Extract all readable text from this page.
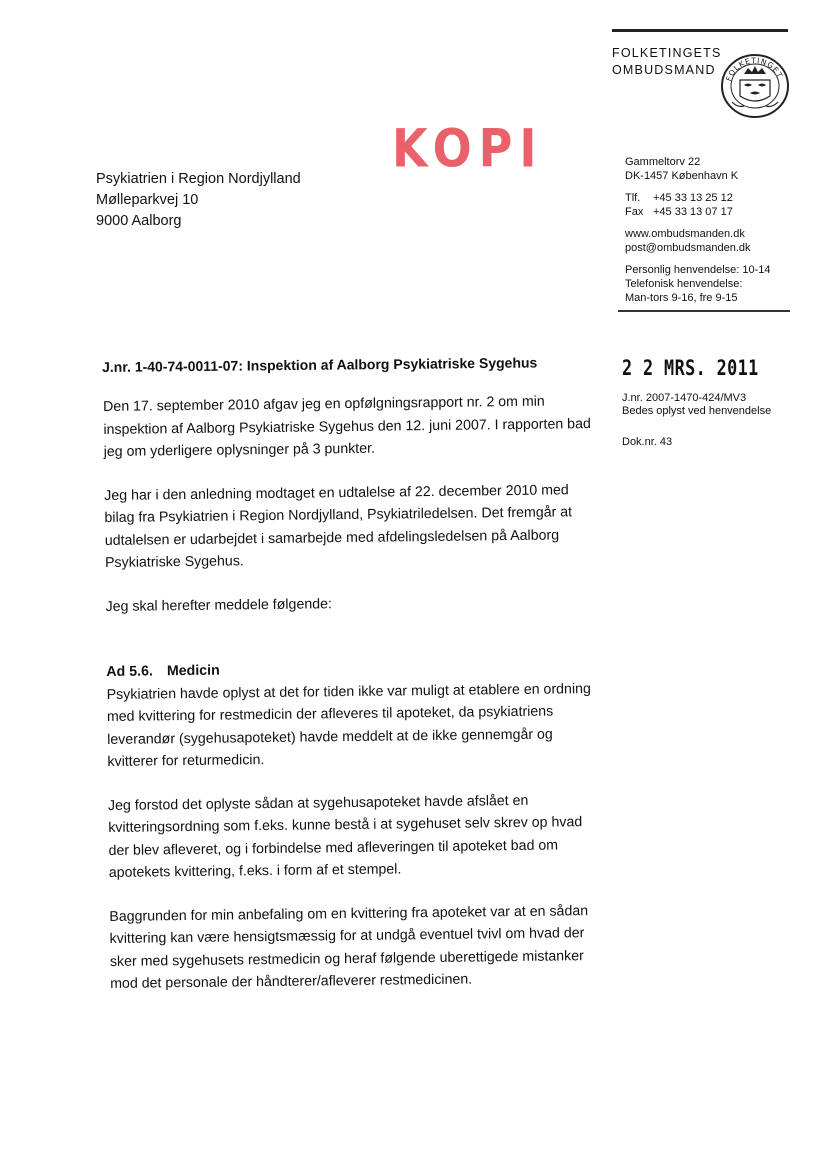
FOLKETINGETS
OMBUDSMAND
FOLKETINGET
KOPI
Psykiatrien i Region Nordjylland
Mølleparkvej 10
9000 Aalborg
Gammeltorv 22
DK-1457 København K
Tlf. +45 33 13 25 12
Fax +45 33 13 07 17
www.ombudsmanden.dk
post@ombudsmanden.dk
Personlig henvendelse: 10-14
Telefonisk henvendelse:
Man-tors 9-16, fre 9-15
2 2 MRS. 2011
J.nr. 2007-1470-424/MV3
Bedes oplyst ved henvendelse
Dok.nr. 43
J.nr. 1-40-74-0011-07: Inspektion af Aalborg Psykiatriske Sygehus

Den 17. september 2010 afgav jeg en opfølgningsrapport nr. 2 om min inspektion af Aalborg Psykiatriske Sygehus den 12. juni 2007. I rapporten bad jeg om yderligere oplysninger på 3 punkter.

Jeg har i den anledning modtaget en udtalelse af 22. december 2010 med bilag fra Psykiatrien i Region Nordjylland, Psykiatriledelsen. Det fremgår at udtalelsen er udarbejdet i samarbejde med afdelingsledelsen på Aalborg Psykiatriske Sygehus.

Jeg skal herefter meddele følgende:

Ad 5.6. Medicin

Psykiatrien havde oplyst at det for tiden ikke var muligt at etablere en ordning med kvittering for restmedicin der afleveres til apoteket, da psykiatriens leverandør (sygehusapoteket) havde meddelt at de ikke gennemgår og kvitterer for returmedicin.

Jeg forstod det oplyste sådan at sygehusapoteket havde afslået en kvitteringsordning som f.eks. kunne bestå i at sygehuset selv skrev op hvad der blev afleveret, og i forbindelse med afleveringen til apoteket bad om apotekets kvittering, f.eks. i form af et stempel.

Baggrunden for min anbefaling om en kvittering fra apoteket var at en sådan kvittering kan være hensigtsmæssig for at undgå eventuel tvivl om hvad der sker med sygehusets restmedicin og heraf følgende uberettigede mistanker mod det personale der håndterer/afleverer restmedicinen.
